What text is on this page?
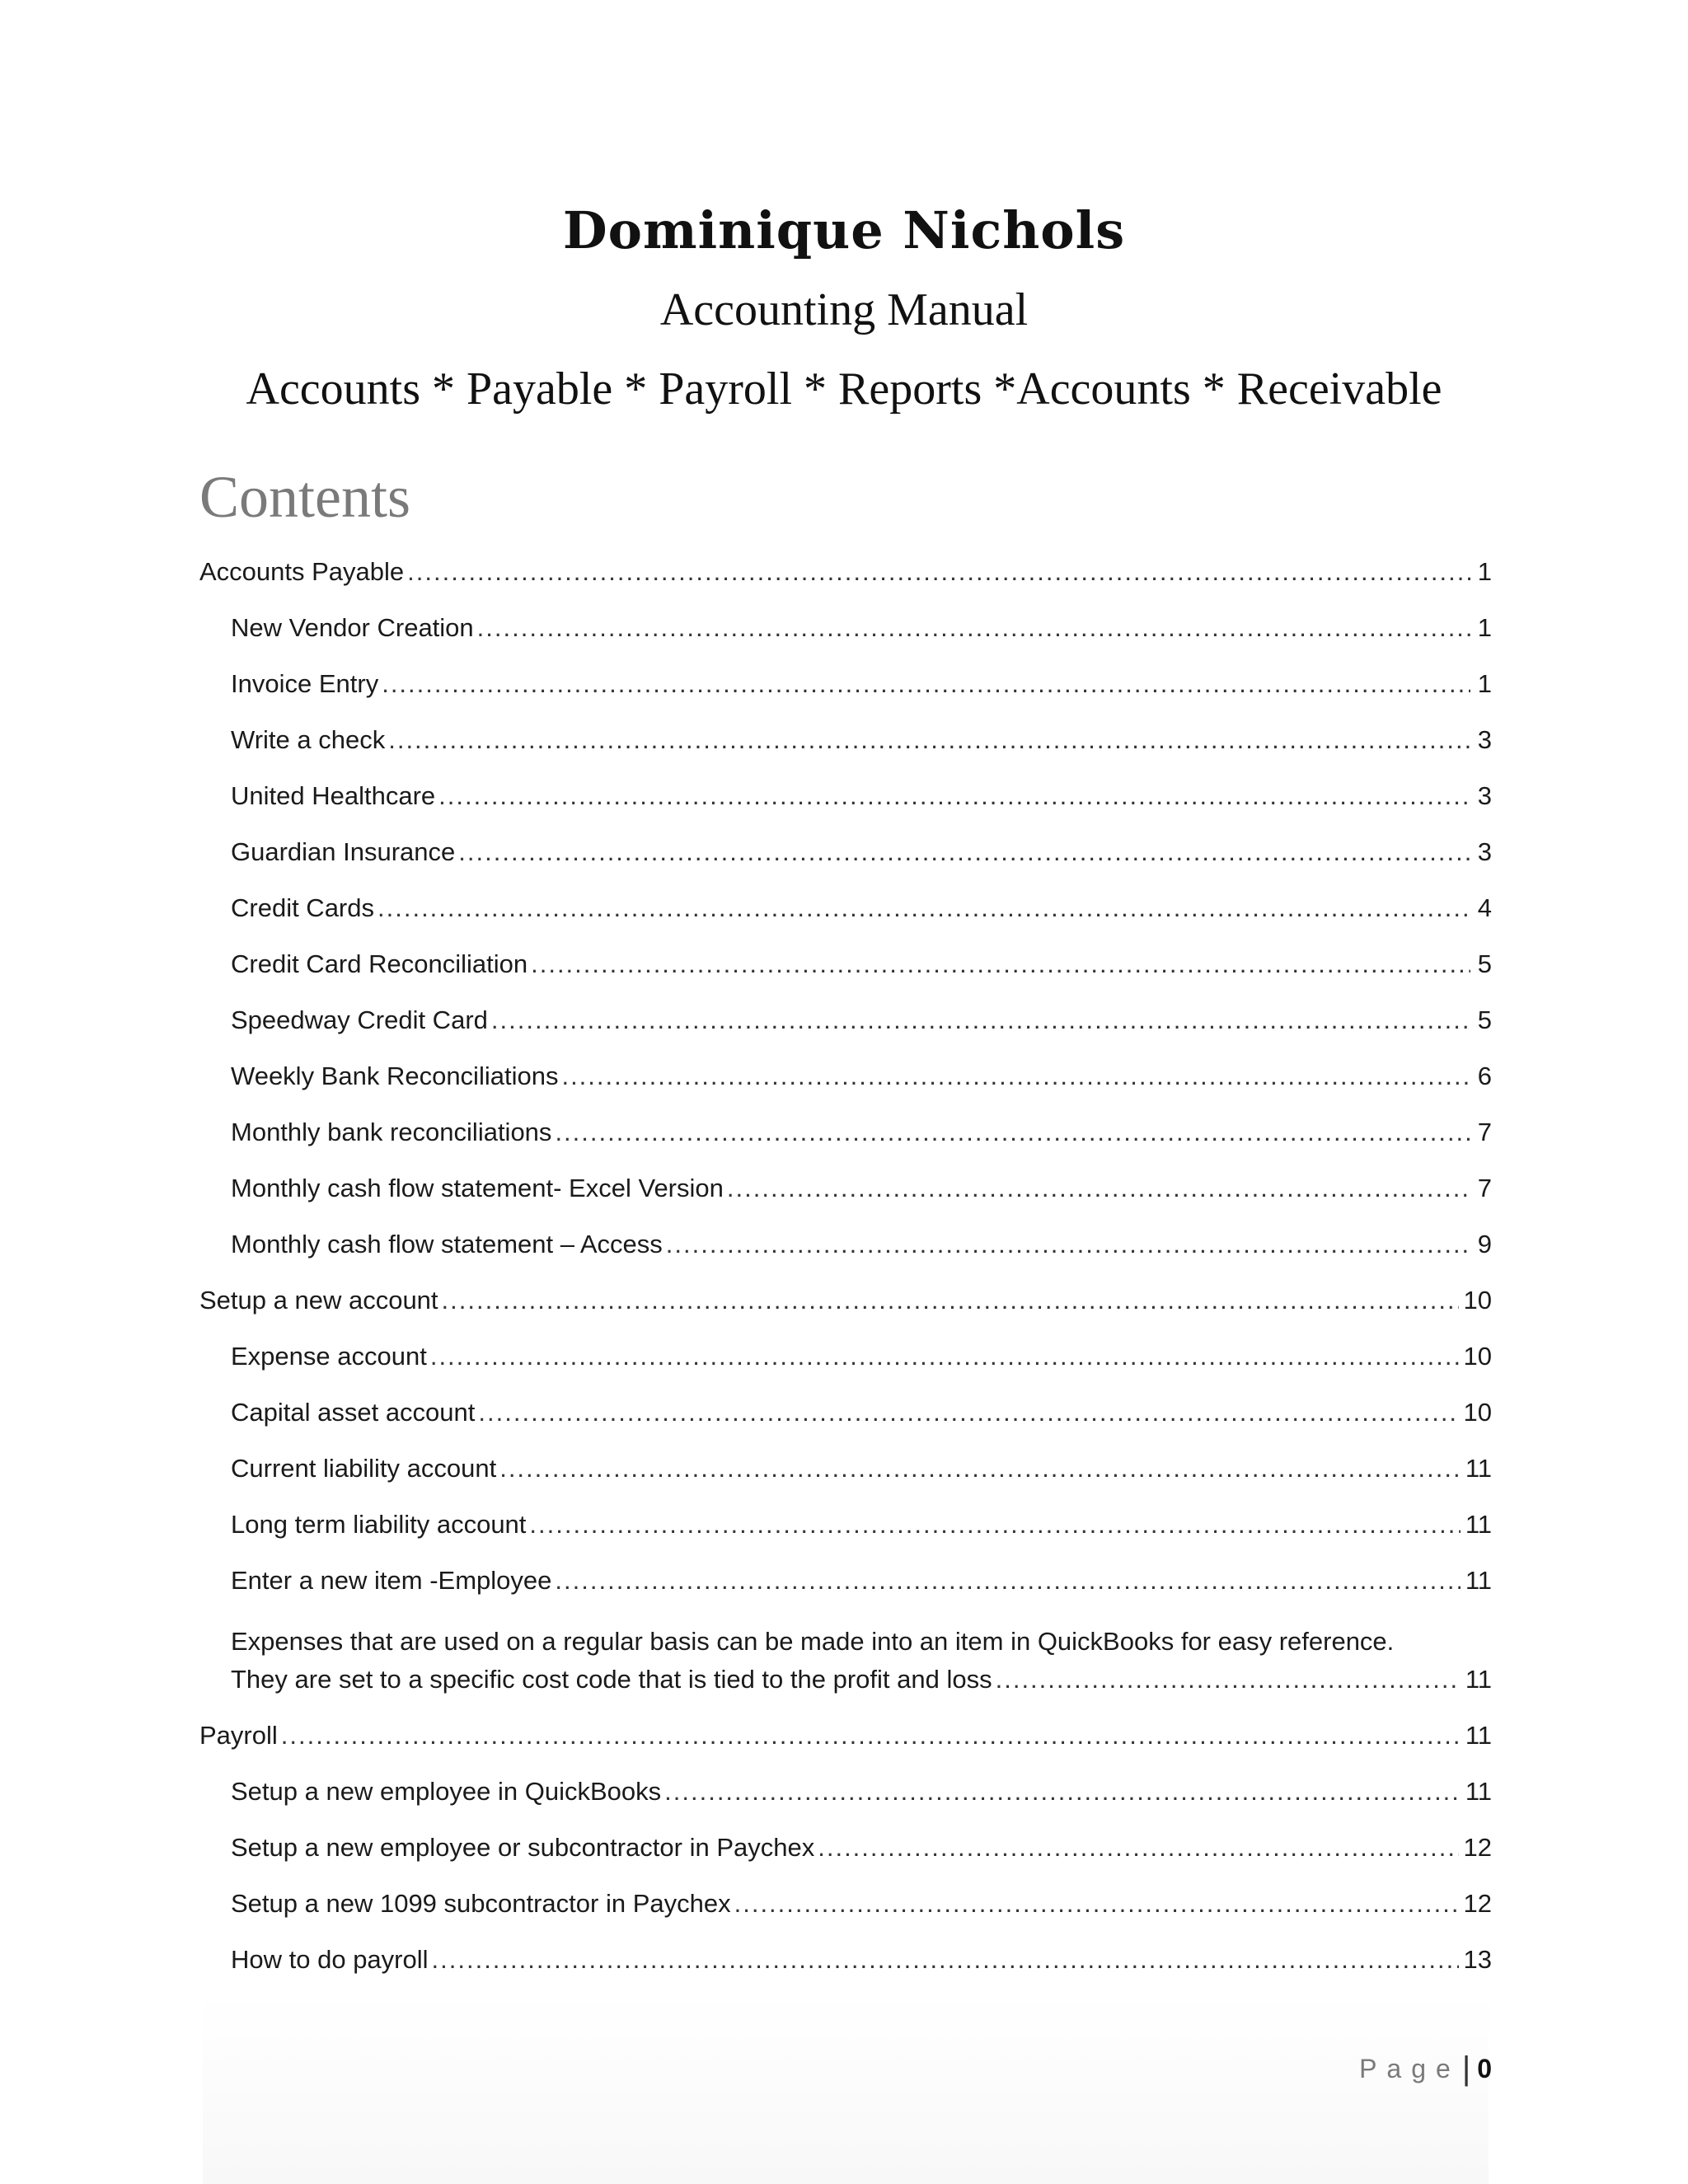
Dominique Nichols
Accounting Manual
Accounts * Payable * Payroll * Reports *Accounts * Receivable
Contents
Accounts Payable .....	1
New Vendor Creation .....	1
Invoice Entry .....	1
Write a check .....	3
United Healthcare .....	3
Guardian Insurance .....	3
Credit Cards .....	4
Credit Card Reconciliation .....	5
Speedway Credit Card .....	5
Weekly Bank Reconciliations .....	6
Monthly bank reconciliations .....	7
Monthly cash flow statement- Excel Version .....	7
Monthly cash flow statement – Access .....	9
Setup a new account .....	10
Expense account .....	10
Capital asset account .....	10
Current liability account .....	11
Long term liability account .....	11
Enter a new item -Employee .....	11
Expenses that are used on a regular basis can be made into an item in QuickBooks for easy reference.
They are set to a specific cost code that is tied to the profit and loss .....	11
Payroll .....	11
Setup a new employee in QuickBooks .....	11
Setup a new employee or subcontractor in Paychex .....	12
Setup a new 1099 subcontractor in Paychex .....	12
How to do payroll .....	13
Page | 0
